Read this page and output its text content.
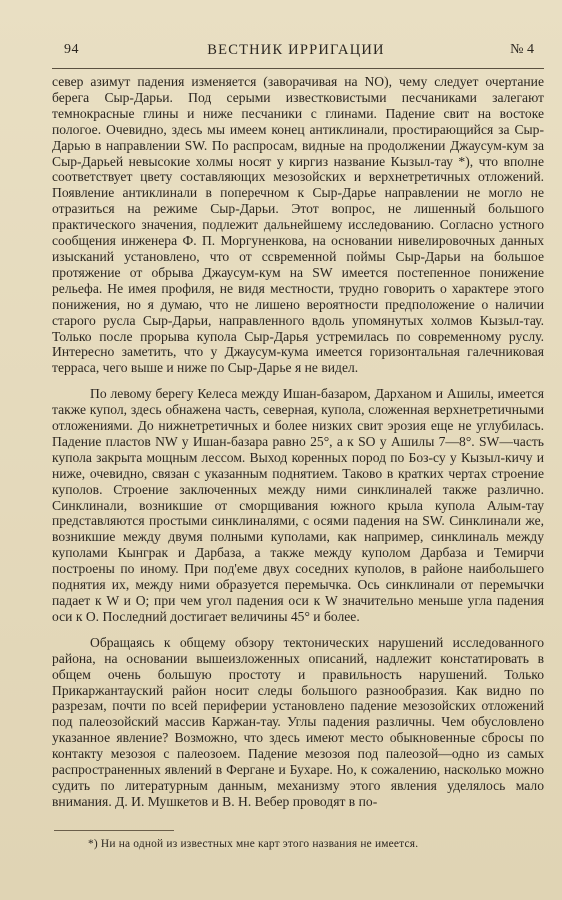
94	ВЕСТНИК ИРРИГАЦИИ	№ 4

север азимут падения изменяется (заворачивая на NO), чему следует очертание берега Сыр-Дарьи. Под серыми известковистыми песчаниками залегают темнокрасные глины и ниже песчаники с глинами. Падение свит на востоке пологое. Очевидно, здесь мы имеем конец антиклинали, простирающийся за Сыр-Дарью в направлении SW. По распросам, видные на продолжении Джаусум-кум за Сыр-Дарьей невысокие холмы носят у киргиз название Кызыл-тау *), что вполне соответствует цвету составляющих мезозойских и верхнетретичных отложений. Появление антиклинали в поперечном к Сыр-Дарье направлении не могло не отразиться на режиме Сыр-Дарьи. Этот вопрос, не лишенный большого практического значения, подлежит дальнейшему исследованию. Согласно устного сообщения инженера Ф. П. Моргуненкова, на основании нивелировочных данных изысканий установлено, что от ссвременной поймы Сыр-Дарьи на большое протяжение от обрыва Джаусум-кум на SW имеется постепенное понижение рельефа. Не имея профиля, не видя местности, трудно говорить о характере этого понижения, но я думаю, что не лишено вероятности предположение о наличии старого русла Сыр-Дарьи, направленного вдоль упомянутых холмов Кызыл-тау. Только после прорыва купола Сыр-Дарья устремилась по современному руслу. Интересно заметить, что у Джаусум-кума имеется горизонтальная галечниковая терраса, чего выше и ниже по Сыр-Дарье я не видел.

По левому берегу Келеса между Ишан-базаром, Дарханом и Ашилы, имеется также купол, здесь обнажена часть, северная, купола, сложенная верхнетретичными отложениями. До нижнетретичных и более низких свит эрозия еще не углубилась. Падение пластов NW у Ишан-базара равно 25°, а к SO у Ашилы 7—8°. SW—часть купола закрыта мощным лессом. Выход коренных пород по Боз-су у Кызыл-кичу и ниже, очевидно, связан с указанным поднятием. Таково в кратких чертах строение куполов. Строение заключенных между ними синклиналей также различно. Синклинали, возникшие от сморщивания южного крыла купола Алым-тау представляются простыми синклиналями, с осями падения на SW. Синклинали же, возникшие между двумя полными куполами, как например, синклиналь между куполами Кынграк и Дарбаза, а также между куполом Дарбаза и Темирчи построены по иному. При под'еме двух соседних куполов, в районе наибольшего поднятия их, между ними образуется перемычка. Ось синклинали от перемычки падает к W и O; при чем угол падения оси к W значительно меньше угла падения оси к O. Последний достигает величины 45° и более.

Обращаясь к общему обзору тектонических нарушений исследованного района, на основании вышеизложенных описаний, надлежит констатировать в общем очень большую простоту и правильность нарушений. Только Прикаржантауский район носит следы большого разнообразия. Как видно по разрезам, почти по всей периферии установлено падение мезозойских отложений под палеозойский массив Каржан-тау. Углы падения различны. Чем обусловлено указанное явление? Возможно, что здесь имеют место обыкновенные сбросы по контакту мезозоя с палеозоем. Падение мезозоя под палеозой—одно из самых распространенных явлений в Фергане и Бухаре. Но, к сожалению, насколько можно судить по литературным данным, механизму этого явления уделялось мало внимания. Д. И. Мушкетов и В. Н. Вебер проводят в по-

*) Ни на одной из известных мне карт этого названия не имеется.
